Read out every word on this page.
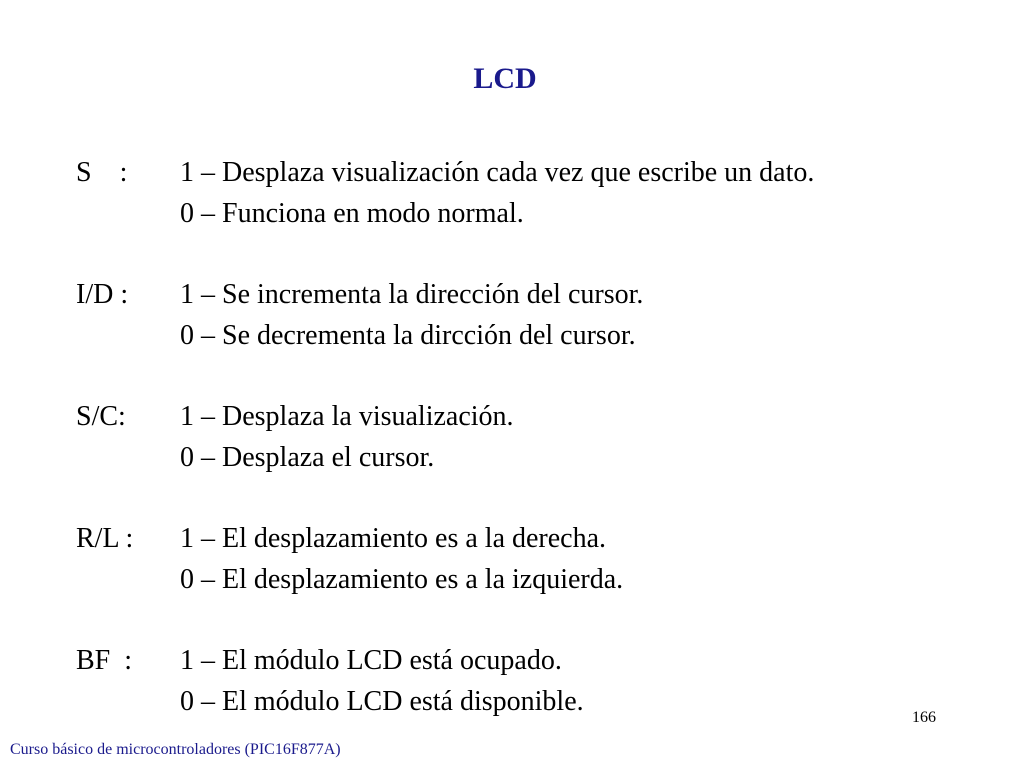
LCD
S    :	1 – Desplaza visualización cada vez que escribe un dato.
0 – Funciona en modo normal.
I/D :	1 – Se incrementa la dirección del cursor.
0 – Se decrementa la dircción del cursor.
S/C:	1 – Desplaza la visualización.
0 – Desplaza el cursor.
R/L :	1 – El desplazamiento es a la derecha.
0 – El desplazamiento es a la izquierda.
BF  :	1 – El módulo LCD está ocupado.
0 – El módulo LCD está disponible.
166
Curso básico de microcontroladores (PIC16F877A)
